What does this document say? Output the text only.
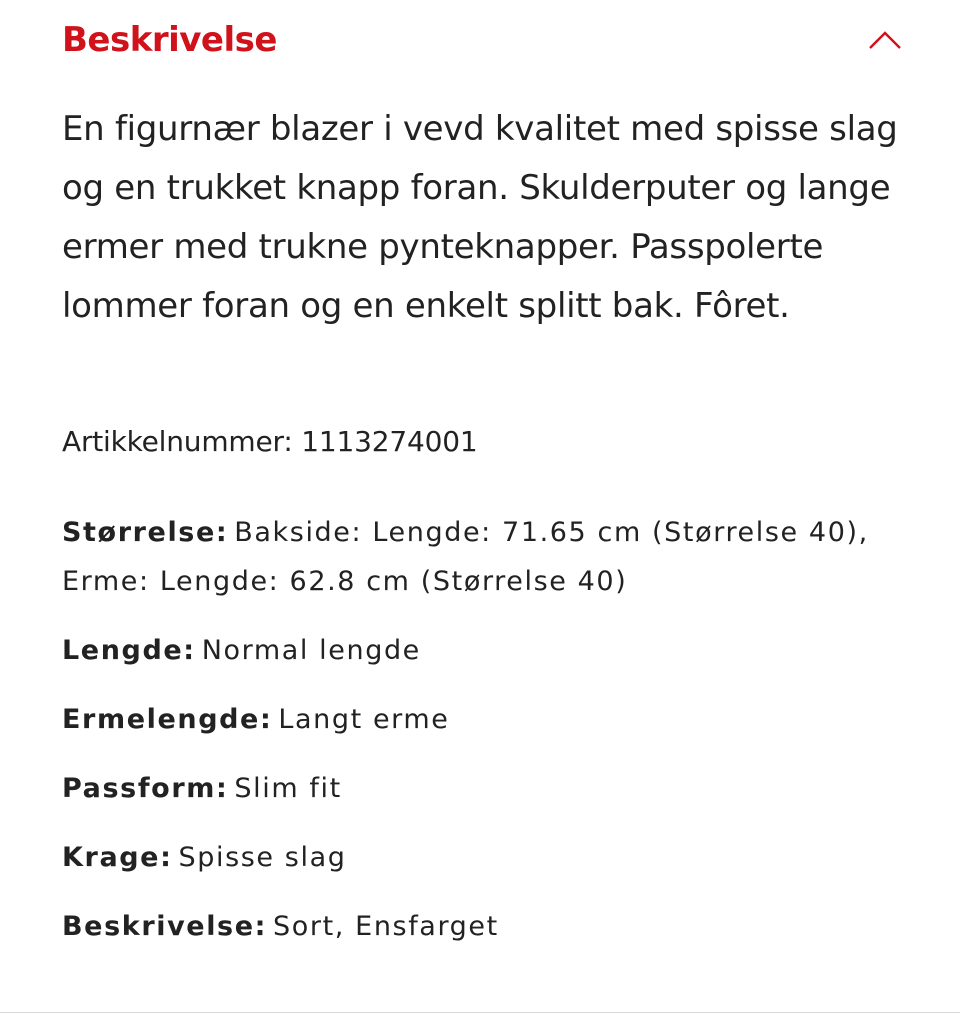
Beskrivelse

En figurnær blazer i vevd kvalitet med spisse slag og en trukket knapp foran. Skulderputer og lange ermer med trukne pynteknapper. Passpolerte lommer foran og en enkelt splitt bak. Fôret.

Artikkelnummer: 1113274001

Størrelse: Bakside: Lengde: 71.65 cm (Størrelse 40), Erme: Lengde: 62.8 cm (Størrelse 40)
Lengde: Normal lengde
Ermelengde: Langt erme
Passform: Slim fit
Krage: Spisse slag
Beskrivelse: Sort, Ensfarget
